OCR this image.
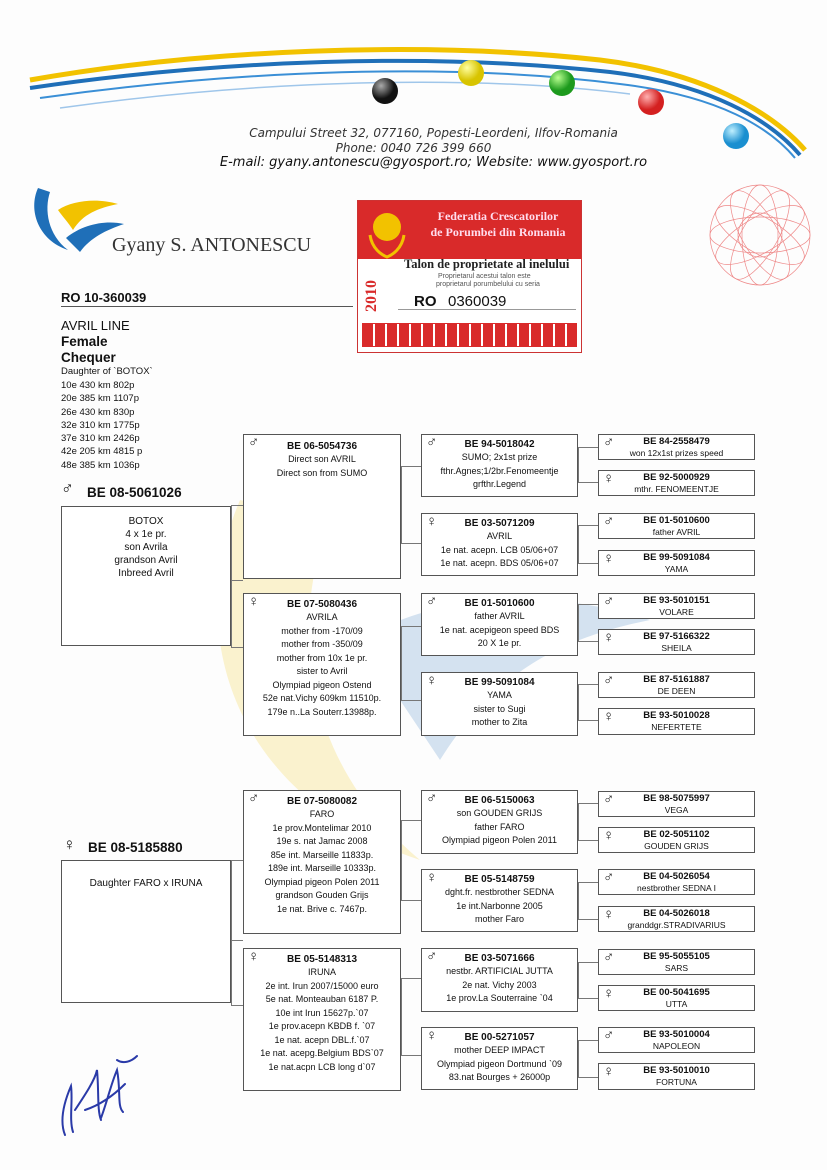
Campului Street 32, 077160, Popesti-Leordeni, Ilfov-Romania
Phone: 0040 726 399 660
E-mail: gyany.antonescu@gyosport.ro; Website: www.gyosport.ro
Gyany S. ANTONESCU
Federatia Crescatorilor
de Porumbei din Romania
2010
Talon de proprietate al inelului
Proprietarul acestui talon este
proprietarul porumbelului cu seria
RO 0360039
RO 10-360039
AVRIL LINE
Female
Chequer
Daughter of `BOTOX`
10e 430 km 802p
20e 385 km 1107p
26e 430 km 830p
32e 310 km 1775p
37e 310 km 2426p
42e 205 km 4815 p
48e 385 km 1036p
♂ BE 08-5061026
BOTOX
4 x 1e pr.
son Avrila
grandson Avril
Inbreed Avril
♀ BE 08-5185880
Daughter FARO x IRUNA
♂	BE 06-5054736
Direct son AVRIL
Direct son from SUMO
♀	BE 07-5080436
AVRILA
mother from -170/09
mother from -350/09
mother from 10x 1e pr.
sister to Avril
Olympiad pigeon Ostend
52e nat.Vichy 609km 11510p.
179e n..La Souterr.13988p.
♂	BE 07-5080082
FARO
1e prov.Montelimar 2010
19e s. nat Jamac 2008
85e int. Marseille 11833p.
189e int. Marseille 10333p.
Olympiad pigeon Polen 2011
grandson Gouden Grijs
1e nat. Brive c. 7467p.
♀	BE 05-5148313
IRUNA
2e int. Irun 2007/15000 euro
5e nat. Monteauban 6187 P.
10e int Irun 15627p.`07
1e prov.acepn KBDB f. `07
1e nat. acepn DBL.f.`07
1e nat. acepg.Belgium BDS`07
1e nat.acpn LCB long d`07
♂	BE 94-5018042
SUMO; 2x1st prize
fthr.Agnes;1/2br.Fenomeentje
grfthr.Legend
♀	BE 03-5071209
AVRIL
1e nat. acepn. LCB 05/06+07
1e nat. acepn. BDS 05/06+07
♂	BE 01-5010600
father AVRIL
1e nat. acepigeon speed BDS
20 X 1e pr.
♀	BE 99-5091084
YAMA
sister to Sugi
mother to Zita
♂	BE 06-5150063
son GOUDEN GRIJS
father FARO
Olympiad pigeon Polen 2011
♀	BE 05-5148759
dght.fr. nestbrother SEDNA
1e int.Narbonne 2005
mother Faro
♂	BE 03-5071666
nestbr. ARTIFICIAL JUTTA
2e nat. Vichy 2003
1e prov.La Souterraine `04
♀	BE 00-5271057
mother DEEP IMPACT
Olympiad pigeon Dortmund `09
83.nat Bourges + 26000p
♂	BE 84-2558479
won 12x1st prizes speed
♀	BE 92-5000929
mthr. FENOMEENTJE
♂	BE 01-5010600
father AVRIL
♀	BE 99-5091084
YAMA
♂	BE 93-5010151
VOLARE
♀	BE 97-5166322
SHEILA
♂	BE 87-5161887
DE DEEN
♀	BE 93-5010028
NEFERTETE
♂	BE 98-5075997
VEGA
♀	BE 02-5051102
GOUDEN GRIJS
♂	BE 04-5026054
nestbrother SEDNA I
♀	BE 04-5026018
granddgr.STRADIVARIUS
♂	BE 95-5055105
SARS
♀	BE 00-5041695
UTTA
♂	BE 93-5010004
NAPOLEON
♀	BE 93-5010010
FORTUNA
